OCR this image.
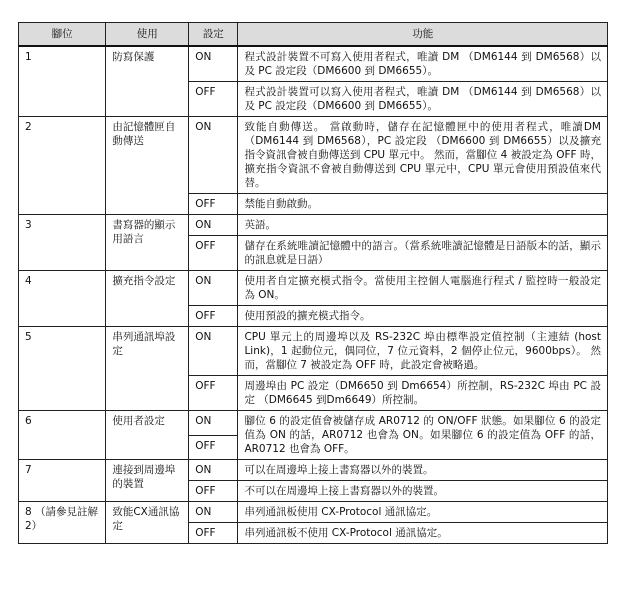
腳位	使用	設定	功能
1	防寫保護	ON	程式設計裝置不可寫入使用者程式，唯讀 DM （DM6144 到 DM6568）以及 PC 設定段（DM6600 到 DM6655）。
		OFF	程式設計裝置可以寫入使用者程式，唯讀 DM （DM6144 到 DM6568）以及 PC 設定段（DM6600 到 DM6655）。
2	由記憶體匣自動傳送	ON	致能自動傳送。 當啟動時，儲存在記憶體匣中的使用者程式，唯讀DM（DM6144 到 DM6568），PC 設定段 （DM6600 到 DM6655）以及擴充指令資訊會被自動傳送到 CPU 單元中。 然而，當腳位 4 被設定為 OFF 時，擴充指令資訊不會被自動傳送到 CPU 單元中，CPU 單元會使用預設值來代替。
		OFF	禁能自動啟動。
3	書寫器的顯示用語言	ON	英語。
		OFF	儲存在系統唯讀記憶體中的語言。（當系統唯讀記憶體是日語版本的話，顯示的訊息就是日語）
4	擴充指令設定	ON	使用者自定擴充模式指令。當使用主控個人電腦進行程式 / 監控時一般設定為 ON。
		OFF	使用預設的擴充模式指令。
5	串列通訊埠設定	ON	CPU 單元上的周邊埠以及 RS-232C 埠由標準設定值控制（主連結 (host Link)，1 起動位元，偶同位，7 位元資料，2 個停止位元，9600bps）。 然而，當腳位 7 被設定為 OFF 時，此設定會被略過。
		OFF	周邊埠由 PC 設定（DM6650 到 Dm6654）所控制，RS-232C 埠由 PC 設定 （DM6645 到Dm6649）所控制。
6	使用者設定	ON	腳位 6 的設定值會被儲存成 AR0712 的 ON/OFF 狀態。如果腳位 6 的設定值為 ON 的話，AR0712 也會為 ON。如果腳位 6 的設定值為 OFF 的話，AR0712 也會為 OFF。
		OFF	
7	連接到周邊埠的裝置	ON	可以在周邊埠上接上書寫器以外的裝置。
		OFF	不可以在周邊埠上接上書寫器以外的裝置。
8 （請參見註解2）	致能CX通訊協定	ON	串列通訊板使用 CX-Protocol 通訊協定。
		OFF	串列通訊板不使用 CX-Protocol 通訊協定。
